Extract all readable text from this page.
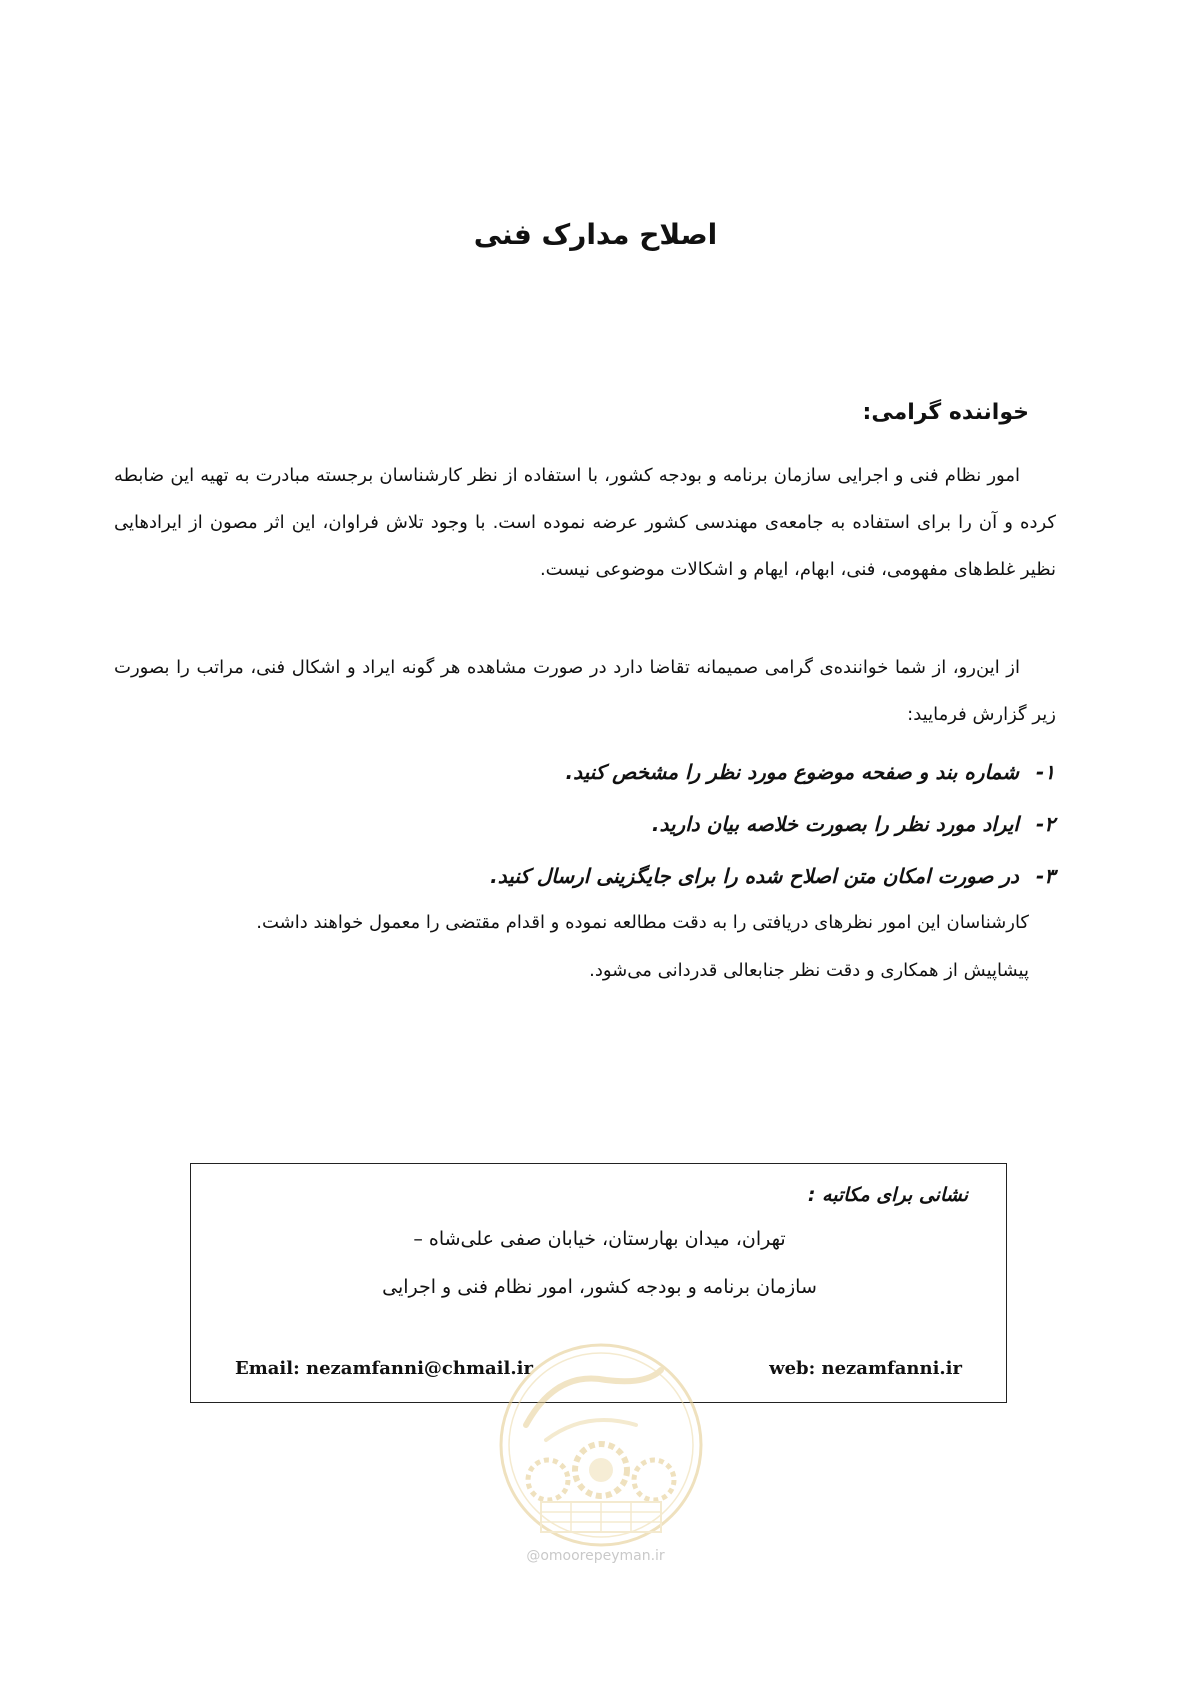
اصلاح مدارک فنی
خواننده گرامی:
امور نظام فنی و اجرایی سازمان برنامه و بودجه کشور، با استفاده از نظر کارشناسان برجسته مبادرت به تهیه این ضابطه کرده و آن را برای استفاده به جامعه‌ی مهندسی کشور عرضه نموده است. با وجود تلاش فراوان، این اثر مصون از ایرادهایی نظیر غلط‌های مفهومی، فنی، ابهام، ایهام و اشکالات موضوعی نیست.
از این‌رو، از شما خواننده‌ی گرامی صمیمانه تقاضا دارد در صورت مشاهده هر گونه ایراد و اشکال فنی، مراتب را بصورت زیر گزارش فرمایید:
۱- شماره بند و صفحه موضوع مورد نظر را مشخص کنید.
۲- ایراد مورد نظر را بصورت خلاصه بیان دارید.
۳- در صورت امکان متن اصلاح شده را برای جایگزینی ارسال کنید.
کارشناسان این امور نظرهای دریافتی را به دقت مطالعه نموده و اقدام مقتضی را معمول خواهند داشت.
پیشاپیش از همکاری و دقت نظر جنابعالی قدردانی می‌شود.
نشانی برای مکاتبه :
تهران، میدان بهارستان، خیابان صفی علی‌شاه –
سازمان برنامه و بودجه کشور، امور نظام فنی و اجرایی
Email: nezamfanni@chmail.ir	web: nezamfanni.ir
@omoorepeyman.ir
